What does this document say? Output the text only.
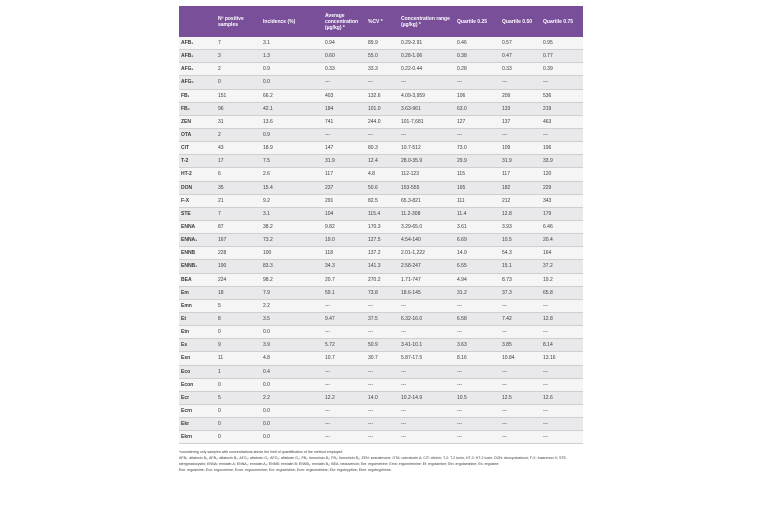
	Nº positive samples	Incidence (%)	Average concentration (µg/kg) *	%CV *	Concentration range (µg/kg) *	Quartile 0.25	Quartile 0.50	Quartile 0.75
AFB₁	7	3.1	0.94	89.9	0.29-2.91	0.46	0.57	0.95
AFB₂	3	1.3	0.60	55.0	0.28-1.06	0.38	0.47	0.77
AFG₁	2	0.9	0.33	33.3	0.22-0.44	0.28	0.33	0.39
AFG₂	0	0.0	---	---	---	---	---	---
FB₁	151	66.2	403	132.6	4.09-3,959	106	209	536
FB₂	96	42.1	184	101.0	3.63-961	63.0	133	219
ZEN	31	13.6	741	244.0	101-7,681	127	137	463
OTA	2	0.9	---	---	---	---	---	---
CIT	43	18.9	147	80.3	10.7-512	73.0	109	196
T-2	17	7.5	31.9	12.4	28.0-35.9	29.9	31.9	33.9
HT-2	6	2.6	117	4.8	112-123	115	117	120
DON	35	15.4	237	50.6	153-555	165	182	229
F-X	21	9.2	291	82.5	65.3-821	111	212	343
STE	7	3.1	104	115.4	11.2-308	11.4	12.8	179
ENNA	87	38.2	9.82	170.3	3.29-65.0	3.61	3.93	6.46
ENNA₁	167	73.2	19.0	127.5	4.54-140	6.69	10.5	20.4
ENNB	228	100	118	137.2	2.01-1,222	14.9	54.3	164
ENNB₁	190	83.3	34.3	141.3	2.58-247	6.55	15.1	37.2
BEA	224	98.2	20.7	270.2	1.71-747	4.94	8.73	19.2
Em	18	7.9	59.1	73.8	18.6-145	31.2	37.3	65.8
Emn	5	2.2	---	---	---	---	---	---
Et	8	3.5	9.47	37.5	6.32-16.0	6.58	7.42	12.8
Etn	0	0.0	---	---	---	---	---	---
Es	9	3.9	5.72	50.9	3.41-10.1	3.63	3.85	8.14
Esn	11	4.8	10.7	30.7	5.87-17.5	8.16	10.84	13.16
Eco	1	0.4	---	---	---	---	---	---
Econ	0	0.0	---	---	---	---	---	---
Ecr	5	2.2	12.2	14.0	10.2-14.9	10.5	12.5	12.6
Ecrn	0	0.0	---	---	---	---	---	---
Ekr	0	0.0	---	---	---	---	---	---
Ekrn	0	0.0	---	---	---	---	---	---
*considering only samples with concentrations above the limit of quantification of the method employed
AFB₁: aflatoxin B₁; AFB₂: aflatoxin B₂; AFG₁: aflatoxin G₁; AFG₂: aflatoxin G₂; FB₁: fumonisin B₁; FB₂: fumonisin B₂; ZEN: zearalenone; OTA: ochratoxin A; CIT: citrinin; T-2: T-2 toxin; HT-2: HT-2 toxin; DON: deoxynivalenol; F-X: fusarenon X; STE: sterigmatocystin; ENNA: enniatin A; ENNA₁: enniatin A₁; ENNB: enniatin B; ENNB₁: enniatin B₁; BEA: beauvericin; Em: ergometrine; Emn: ergometrinine; Et: ergotamine; Etn: ergotaminine; Es: ergosine;
Esn: ergosinine; Eco: ergocornine; Econ: ergocorninine; Ecr: ergocristine; Ecrn: ergocristinine; Ekr: ergokryptine; Ekrn: ergokryptinine.
